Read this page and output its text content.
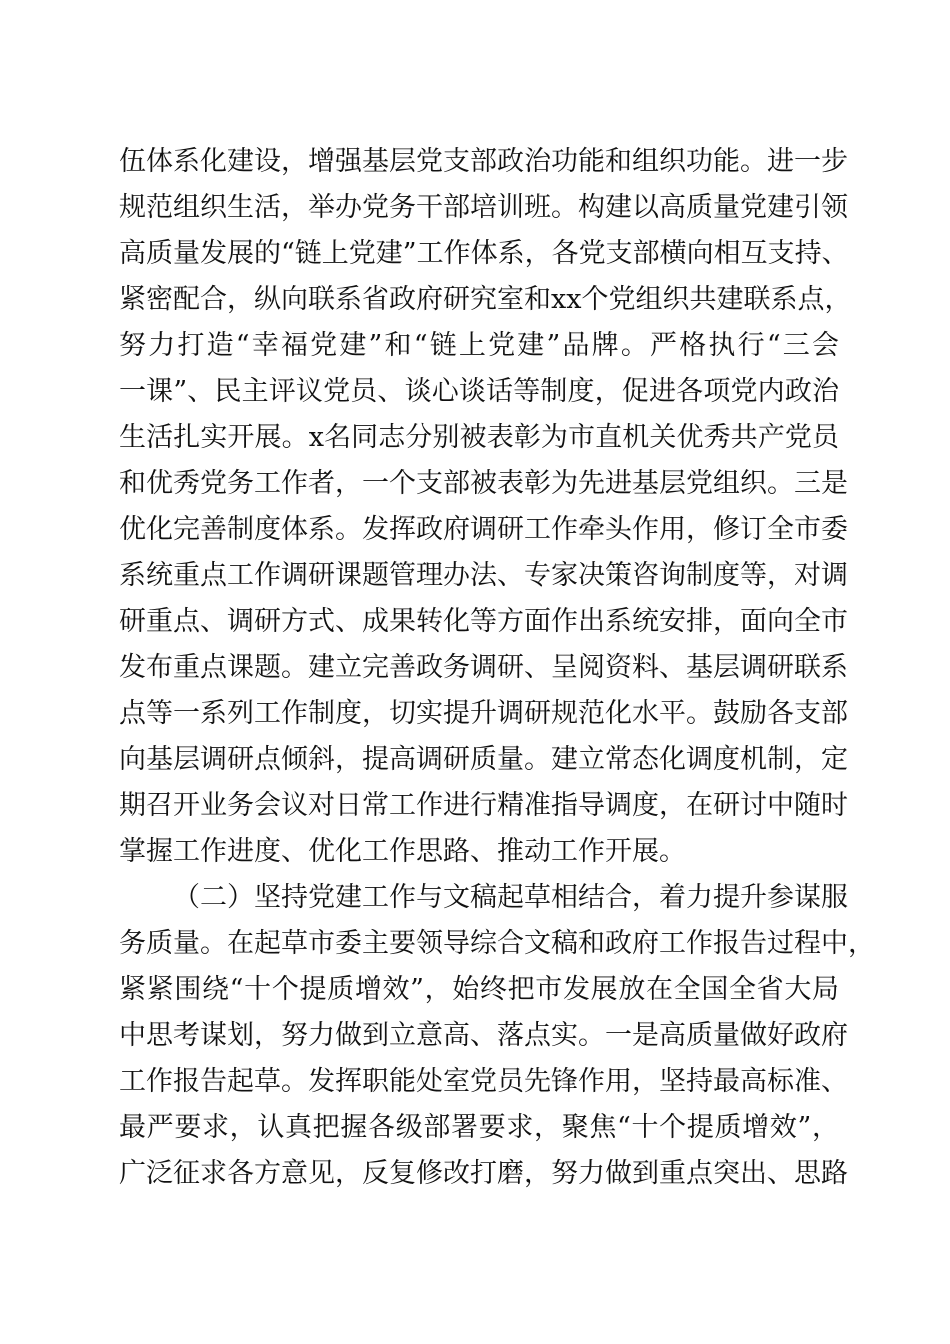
伍体系化建设，增强基层党支部政治功能和组织功能。进一步
规范组织生活，举办党务干部培训班。构建以高质量党建引领
高质量发展的“链上党建”工作体系，各党支部横向相互支持、
紧密配合，纵向联系省政府研究室和xx个党组织共建联系点，
努力打造“幸福党建”和“链上党建”品牌。严格执行“三会
一课”、民主评议党员、谈心谈话等制度，促进各项党内政治
生活扎实开展。x名同志分别被表彰为市直机关优秀共产党员
和优秀党务工作者，一个支部被表彰为先进基层党组织。三是
优化完善制度体系。发挥政府调研工作牵头作用，修订全市委
系统重点工作调研课题管理办法、专家决策咨询制度等，对调
研重点、调研方式、成果转化等方面作出系统安排，面向全市
发布重点课题。建立完善政务调研、呈阅资料、基层调研联系
点等一系列工作制度，切实提升调研规范化水平。鼓励各支部
向基层调研点倾斜，提高调研质量。建立常态化调度机制，定
期召开业务会议对日常工作进行精准指导调度，在研讨中随时
掌握工作进度、优化工作思路、推动工作开展。
（二）坚持党建工作与文稿起草相结合，着力提升参谋服
务质量。在起草市委主要领导综合文稿和政府工作报告过程中，
紧紧围绕“十个提质增效”，始终把市发展放在全国全省大局
中思考谋划，努力做到立意高、落点实。一是高质量做好政府
工作报告起草。发挥职能处室党员先锋作用，坚持最高标准、
最严要求，认真把握各级部署要求，聚焦“十个提质增效”，
广泛征求各方意见，反复修改打磨，努力做到重点突出、思路
